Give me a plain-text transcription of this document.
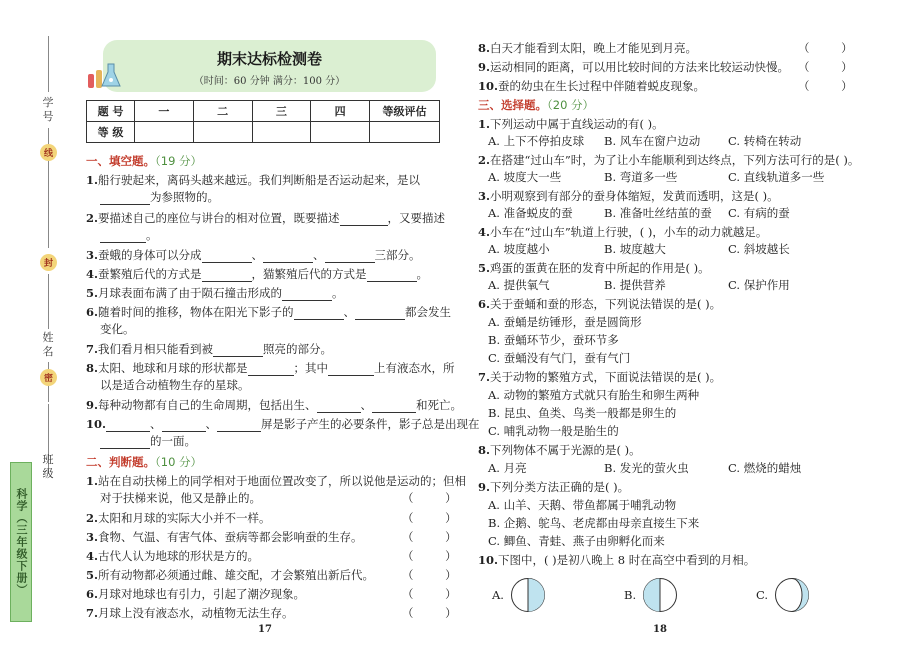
学号
线
封
姓名
密
班级
科学（三年级下册）
期末达标检测卷
（时间：60 分钟 满分：100 分）
题 号	一	二	三	四	等级评估
等 级					
一、填空题。（19 分）
1.船行驶起来，离码头越来越远。我们判断船是否运动起来，是以
为参照物的。
2.要描述自己的座位与讲台的相对位置，既要描述	，又要描述
。
3.蚕蛾的身体可以分成	、	、	三部分。
4.蚕繁殖后代的方式是	，猫繁殖后代的方式是	。
5.月球表面布满了由于陨石撞击形成的	。
6.随着时间的推移，物体在阳光下影子的	、	都会发生
变化。
7.我们看月相只能看到被	照亮的部分。
8.太阳、地球和月球的形状都是	；其中	上有液态水，所
以是适合动植物生存的星球。
9.每种动物都有自己的生命周期，包括出生、	、	和死亡。
10.	、	、	屏是影子产生的必要条件，影子总是出现在
的一面。
二、判断题。（10 分）
1.站在自动扶梯上的同学相对于地面位置改变了，所以说他是运动的；但相
对于扶梯来说，他又是静止的。	（ ）
2.太阳和月球的实际大小并不一样。	（ ）
3.食物、气温、有害气体、蚕病等都会影响蚕的生存。	（ ）
4.古代人认为地球的形状是方的。	（ ）
5.所有动物都必须通过雌、雄交配，才会繁殖出新后代。 （ ）
6.月球对地球也有引力，引起了潮汐现象。	（ ）
7.月球上没有液态水，动植物无法生存。	（ ）
17
8.白天才能看到太阳，晚上才能见到月亮。	（ ）
9.运动相同的距离，可以用比较时间的方法来比较运动快慢。 （ ）
10.蚕的幼虫在生长过程中伴随着蜕皮现象。	（ ）
三、选择题。（20 分）
1.下列运动中属于直线运动的有( )。
A. 上下不停拍皮球 B. 风车在窗户边动 C. 转椅在转动
2.在搭建“过山车”时，为了让小车能顺利到达终点，下列方法可行的是( )。
A. 坡度大一些	B. 弯道多一些	C. 直线轨道多一些
3.小明观察到有部分的蚕身体缩短，发黄而透明，这是( )。
A. 准备蜕皮的蚕	B. 准备吐丝结茧的蚕 C. 有病的蚕
4.小车在“过山车”轨道上行驶，( )，小车的动力就越足。
A. 坡度越小	B. 坡度越大	C. 斜坡越长
5.鸡蛋的蛋黄在胚的发育中所起的作用是( )。
A. 提供氧气	B. 提供营养	C. 保护作用
6.关于蚕蛹和蚕的形态，下列说法错误的是( )。
A. 蚕蛹是纺锤形，蚕是圆筒形
B. 蚕蛹环节少，蚕环节多
C. 蚕蛹没有气门，蚕有气门
7.关于动物的繁殖方式，下面说法错误的是( )。
A. 动物的繁殖方式就只有胎生和卵生两种
B. 昆虫、鱼类、鸟类一般都是卵生的
C. 哺乳动物一般是胎生的
8.下列物体不属于光源的是( )。
A. 月亮	B. 发光的萤火虫	C. 燃烧的蜡烛
9.下列分类方法正确的是( )。
A. 山羊、天鹅、带鱼都属于哺乳动物
B. 企鹅、鸵鸟、老虎都由母亲直接生下来
C. 鲫鱼、青蛙、燕子由卵孵化而来
10.下图中，( )是初八晚上 8 时在高空中看到的月相。
A.	B.	C.
18
